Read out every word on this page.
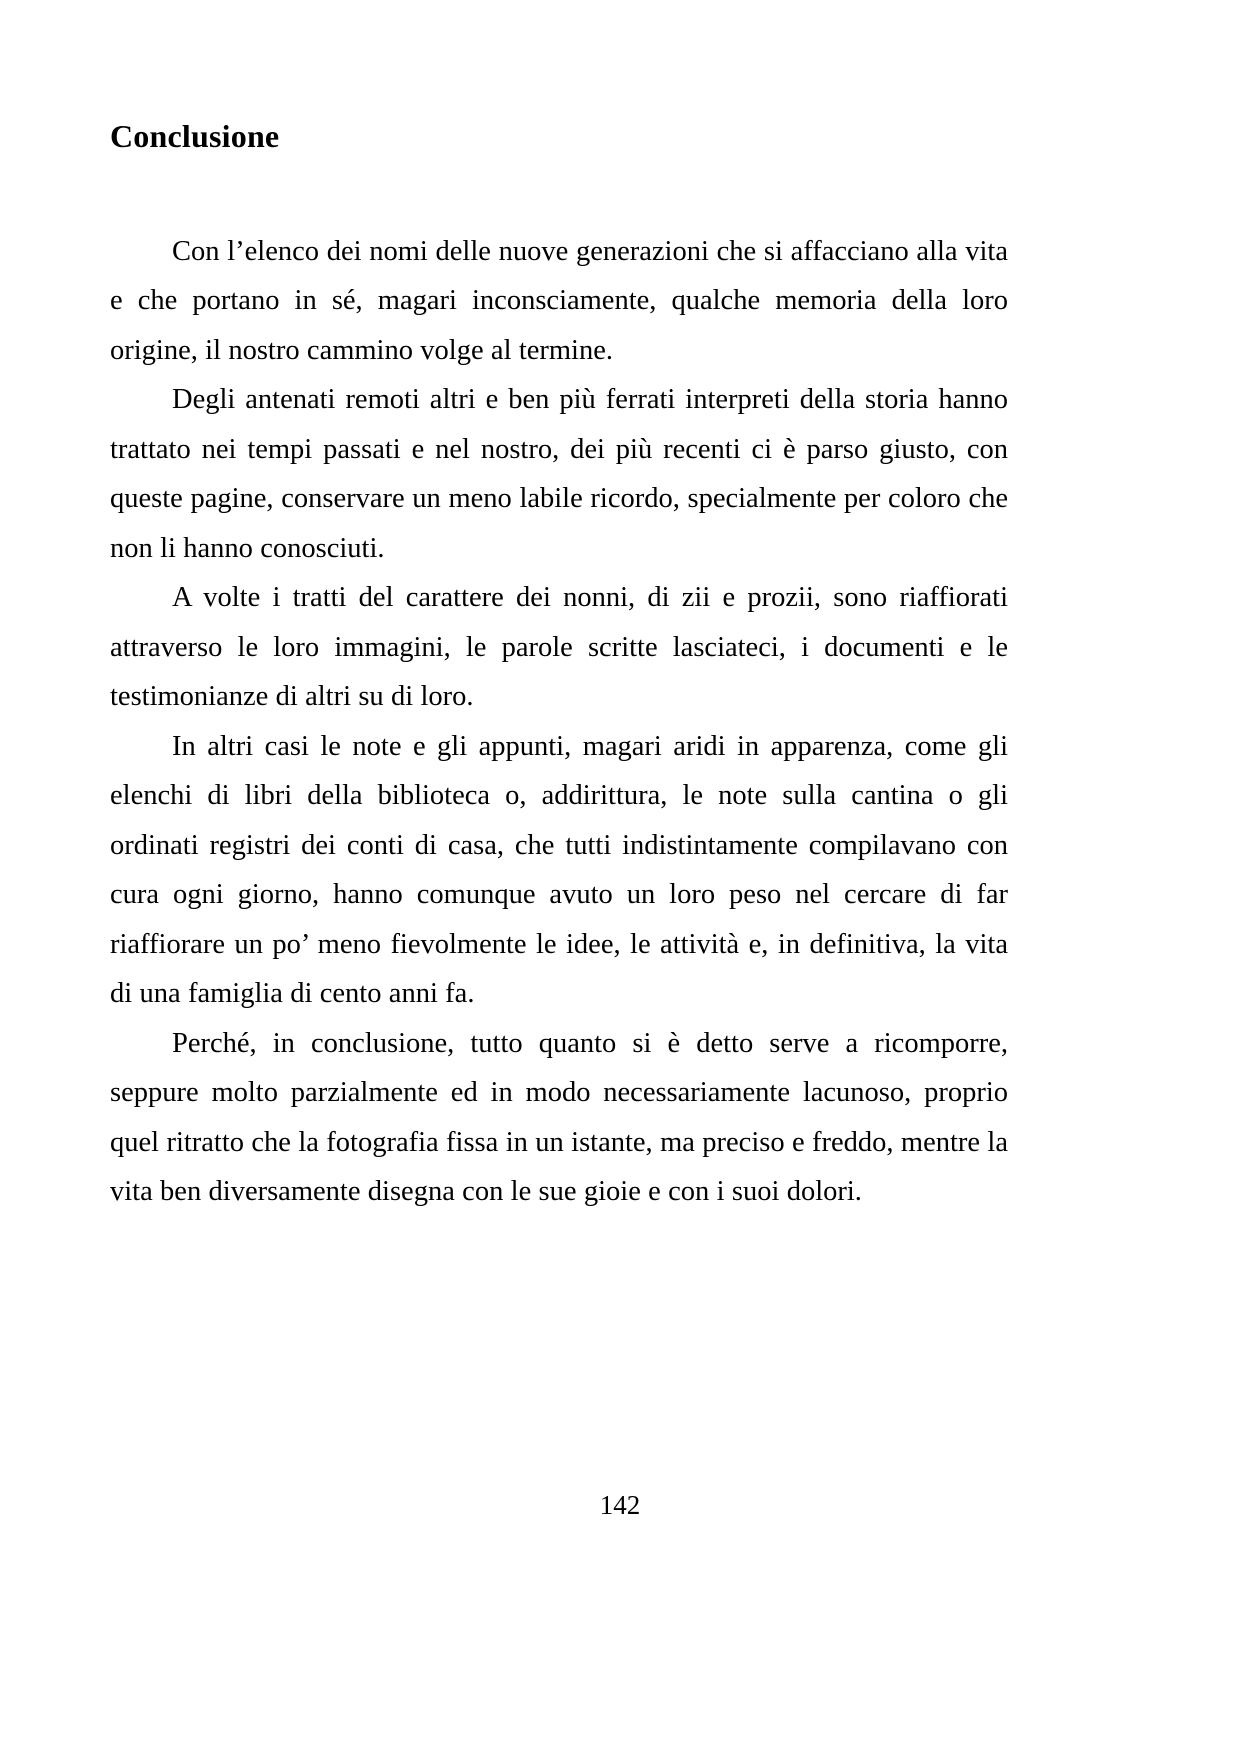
Conclusione

Con l’elenco dei nomi delle nuove generazioni che si affacciano alla vita e che portano in sé, magari inconsciamente, qualche memoria della loro origine, il nostro cammino volge al termine.

Degli antenati remoti altri e ben più ferrati interpreti della storia hanno trattato nei tempi passati e nel nostro, dei più recenti ci è parso giusto, con queste pagine, conservare un meno labile ricordo, specialmente per coloro che non li hanno conosciuti.

A volte i tratti del carattere dei nonni, di zii e prozii, sono riaffiorati attraverso le loro immagini, le parole scritte lasciateci, i documenti e le testimonianze di altri su di loro.

In altri casi le note e gli appunti, magari aridi in apparenza, come gli elenchi di libri della biblioteca o, addirittura, le note sulla cantina o gli ordinati registri dei conti di casa, che tutti indistintamente compilavano con cura ogni giorno, hanno comunque avuto un loro peso nel cercare di far riaffiorare un po’ meno fievolmente le idee, le attività e, in definitiva, la vita di una famiglia di cento anni fa.

Perché, in conclusione, tutto quanto si è detto serve a ricomporre, seppure molto parzialmente ed in modo necessariamente lacunoso, proprio quel ritratto che la fotografia fissa in un istante, ma preciso e freddo, mentre la vita ben diversamente disegna con le sue gioie e con i suoi dolori.

142
